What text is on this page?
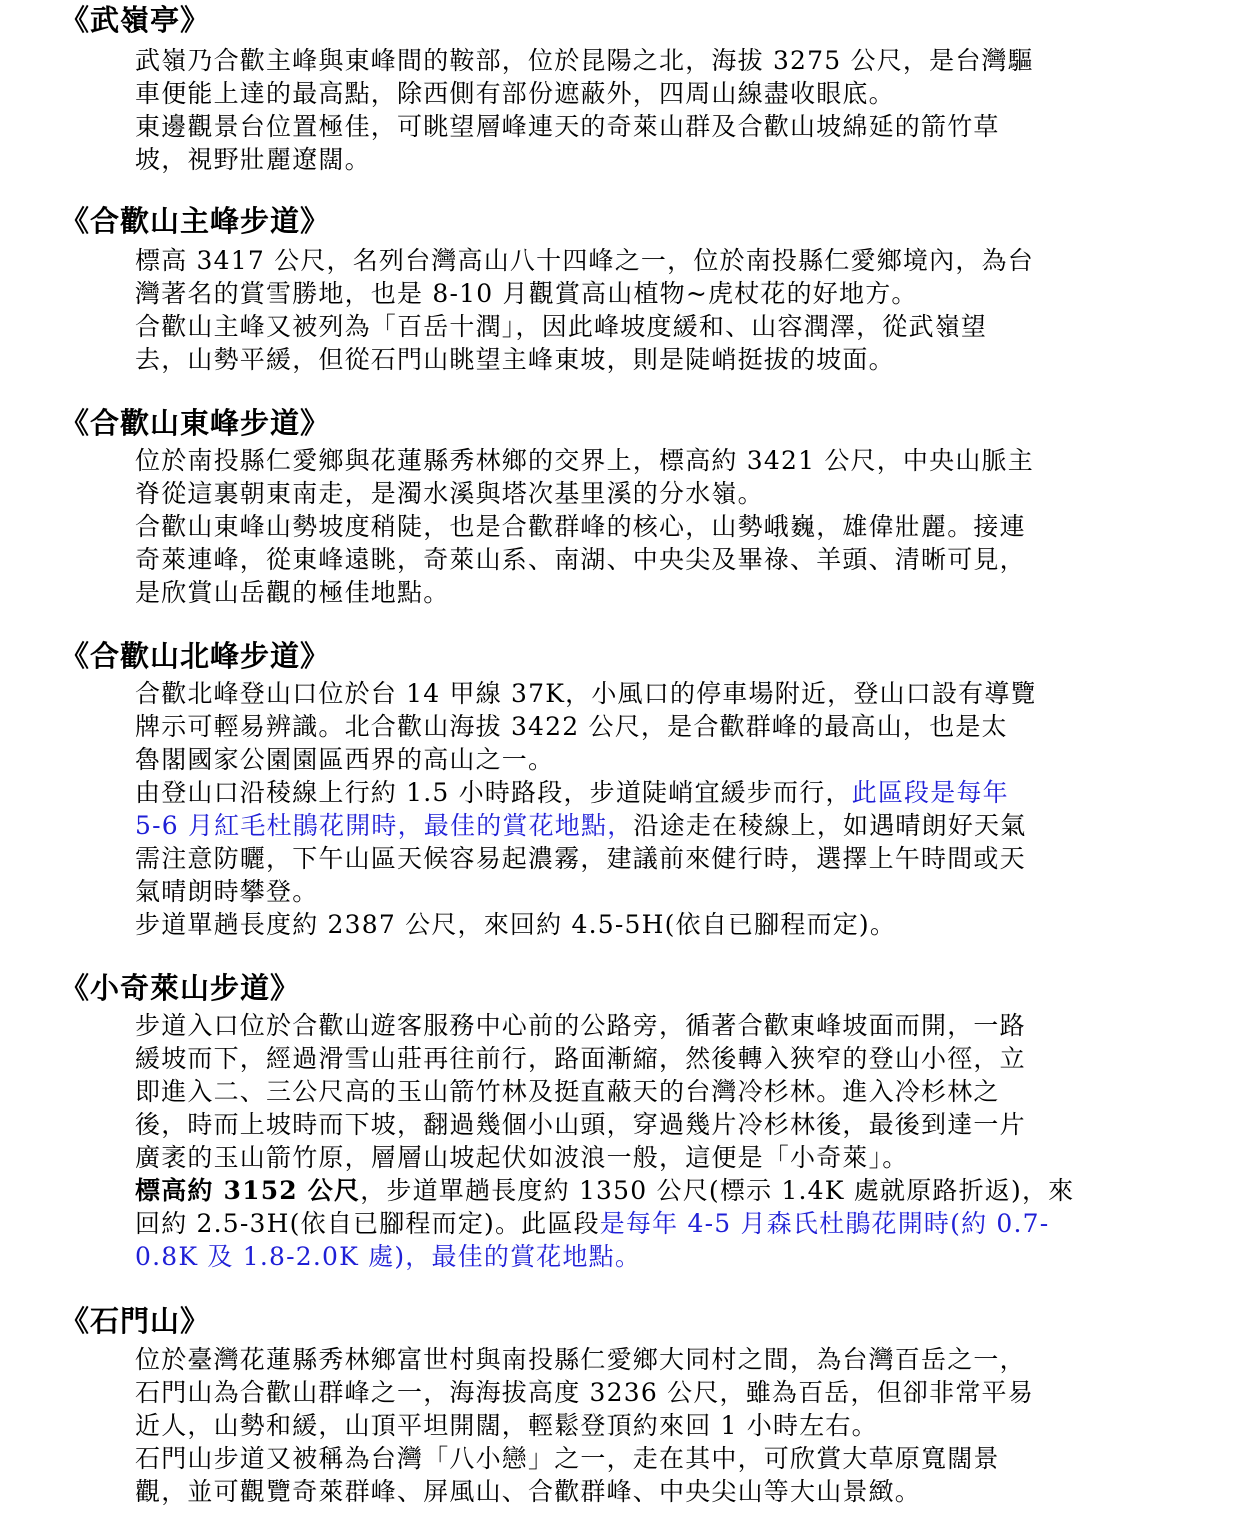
《武嶺亭》
武嶺乃合歡主峰與東峰間的鞍部，位於昆陽之北，海拔 3275 公尺，是台灣驅
車便能上達的最高點，除西側有部份遮蔽外，四周山線盡收眼底。
東邊觀景台位置極佳，可眺望層峰連天的奇萊山群及合歡山坡綿延的箭竹草
坡，視野壯麗遼闊。
《合歡山主峰步道》
標高 3417 公尺，名列台灣高山八十四峰之一，位於南投縣仁愛鄉境內，為台
灣著名的賞雪勝地，也是 8-10 月觀賞高山植物~虎杖花的好地方。
合歡山主峰又被列為「百岳十潤」，因此峰坡度緩和、山容潤澤，從武嶺望
去，山勢平緩，但從石門山眺望主峰東坡，則是陡峭挺拔的坡面。
《合歡山東峰步道》
位於南投縣仁愛鄉與花蓮縣秀林鄉的交界上，標高約 3421 公尺，中央山脈主
脊從這裏朝東南走，是濁水溪與塔次基里溪的分水嶺。
合歡山東峰山勢坡度稍陡，也是合歡群峰的核心，山勢峨巍，雄偉壯麗。接連
奇萊連峰，從東峰遠眺，奇萊山系、南湖、中央尖及畢祿、羊頭、清晰可見，
是欣賞山岳觀的極佳地點。
《合歡山北峰步道》
合歡北峰登山口位於台 14 甲線 37K，小風口的停車場附近，登山口設有導覽
牌示可輕易辨識。北合歡山海拔 3422 公尺，是合歡群峰的最高山，也是太
魯閣國家公園園區西界的高山之一。
由登山口沿稜線上行約 1.5 小時路段，步道陡峭宜緩步而行，此區段是每年
5-6 月紅毛杜鵑花開時，最佳的賞花地點，沿途走在稜線上，如遇晴朗好天氣
需注意防曬，下午山區天候容易起濃霧，建議前來健行時，選擇上午時間或天
氣晴朗時攀登。
步道單趟長度約 2387 公尺，來回約 4.5-5H(依自已腳程而定)。
《小奇萊山步道》
步道入口位於合歡山遊客服務中心前的公路旁，循著合歡東峰坡面而開，一路
緩坡而下，經過滑雪山莊再往前行，路面漸縮，然後轉入狹窄的登山小徑，立
即進入二、三公尺高的玉山箭竹林及挺直蔽天的台灣冷杉林。進入冷杉林之
後，時而上坡時而下坡，翻過幾個小山頭，穿過幾片冷杉林後，最後到達一片
廣袤的玉山箭竹原，層層山坡起伏如波浪一般，這便是「小奇萊」。
標高約 3152 公尺，步道單趟長度約 1350 公尺(標示 1.4K 處就原路折返)，來
回約 2.5-3H(依自已腳程而定)。此區段是每年 4-5 月森氏杜鵑花開時(約 0.7-
0.8K 及 1.8-2.0K 處)，最佳的賞花地點。
《石門山》
位於臺灣花蓮縣秀林鄉富世村與南投縣仁愛鄉大同村之間，為台灣百岳之一，
石門山為合歡山群峰之一，海海拔高度 3236 公尺，雖為百岳，但卻非常平易
近人，山勢和緩，山頂平坦開闊，輕鬆登頂約來回 1 小時左右。
石門山步道又被稱為台灣「八小戀」之一，走在其中，可欣賞大草原寬闊景
觀，並可觀覽奇萊群峰、屏風山、合歡群峰、中央尖山等大山景緻。
